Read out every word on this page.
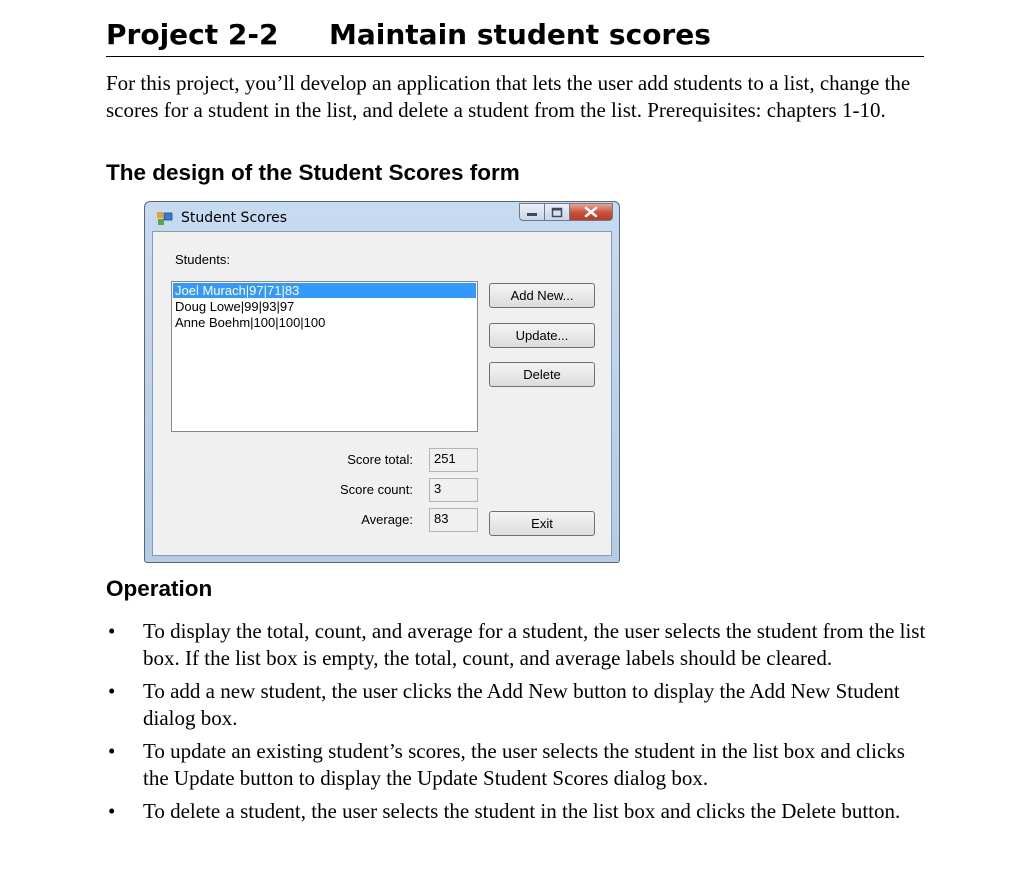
Project 2-2 Maintain student scores

For this project, you’ll develop an application that lets the user add students to a list, change the scores for a student in the list, and delete a student from the list. Prerequisites: chapters 1-10.

The design of the Student Scores form
Student Scores
Students:
Joel Murach|97|71|83
Doug Lowe|99|93|97
Anne Boehm|100|100|100
Add New...
Update...
Delete
Score total:	251
Score count:	3
Average:	83	Exit
Operation
• To display the total, count, and average for a student, the user selects the student from the list box. If the list box is empty, the total, count, and average labels should be cleared.
• To add a new student, the user clicks the Add New button to display the Add New Student dialog box.
• To update an existing student’s scores, the user selects the student in the list box and clicks the Update button to display the Update Student Scores dialog box.
• To delete a student, the user selects the student in the list box and clicks the Delete button.
